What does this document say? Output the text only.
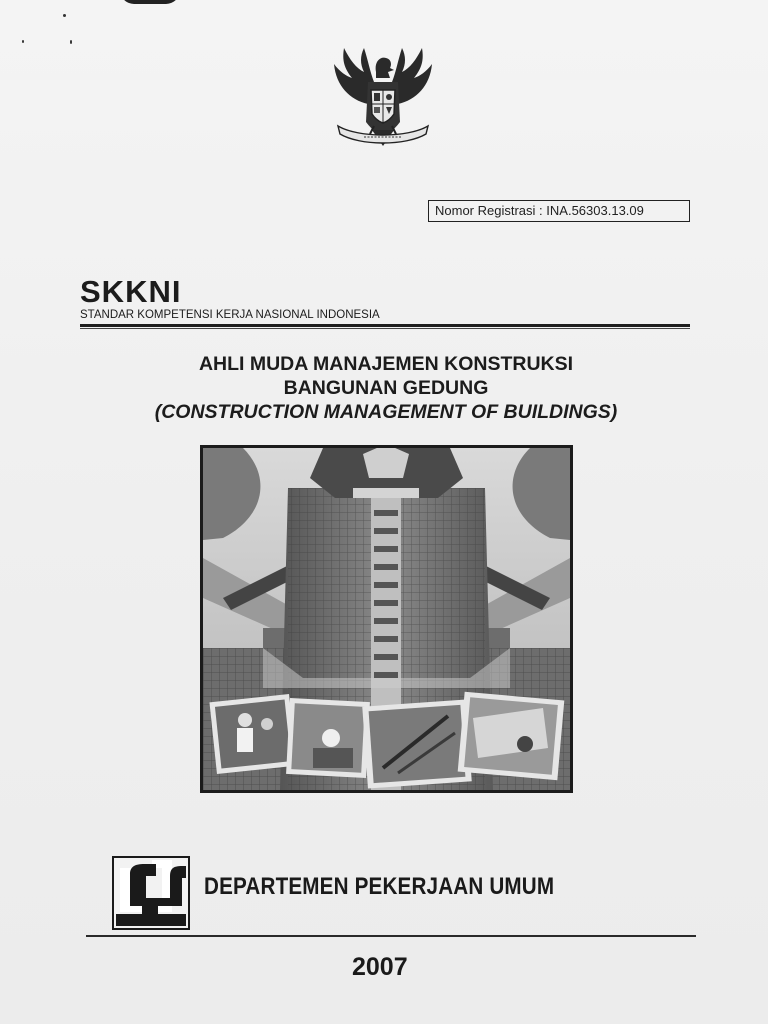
Nomor Registrasi : INA.56303.13.09
SKKNI
STANDAR KOMPETENSI KERJA NASIONAL INDONESIA
AHLI MUDA MANAJEMEN KONSTRUKSI
BANGUNAN GEDUNG
(CONSTRUCTION MANAGEMENT OF BUILDINGS)
DEPARTEMEN PEKERJAAN UMUM
2007
